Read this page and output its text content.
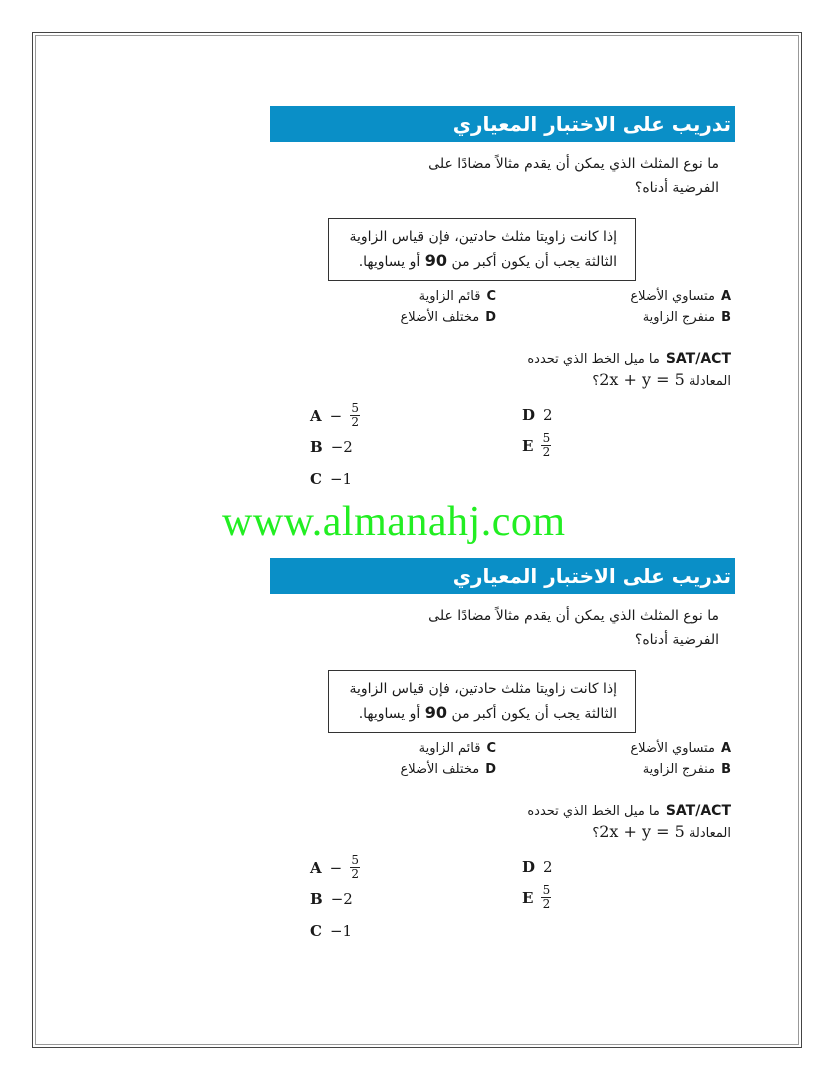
تدريب على الاختبار المعياري
ما نوع المثلث الذي يمكن أن يقدم مثالاً مضادًا على الفرضية أدناه؟
إذا كانت زاويتا مثلث حادتين، فإن قياس الزاوية الثالثة يجب أن يكون أكبر من 90 أو يساويها.
Aمتساوي الأضلاع
Cقائم الزاوية
Bمنفرج الزاوية
Dمختلف الأضلاع
SAT/ACTما ميل الخط الذي تحدده
المعادلة 2x + y = 5؟
$A - \frac{5}{2}$
B −2
C −1
D 2
E $\frac{5}{2}$
تدريب على الاختبار المعياري
ما نوع المثلث الذي يمكن أن يقدم مثالاً مضادًا على الفرضية أدناه؟
إذا كانت زاويتا مثلث حادتين، فإن قياس الزاوية الثالثة يجب أن يكون أكبر من 90 أو يساويها.
Aمتساوي الأضلاع
Cقائم الزاوية
Bمنفرج الزاوية
Dمختلف الأضلاع
SAT/ACTما ميل الخط الذي تحدده
المعادلة 2x + y = 5؟
$A - \frac{5}{2}$
B −2
C −1
D 2
E $\frac{5}{2}$
www.almanahj.com
